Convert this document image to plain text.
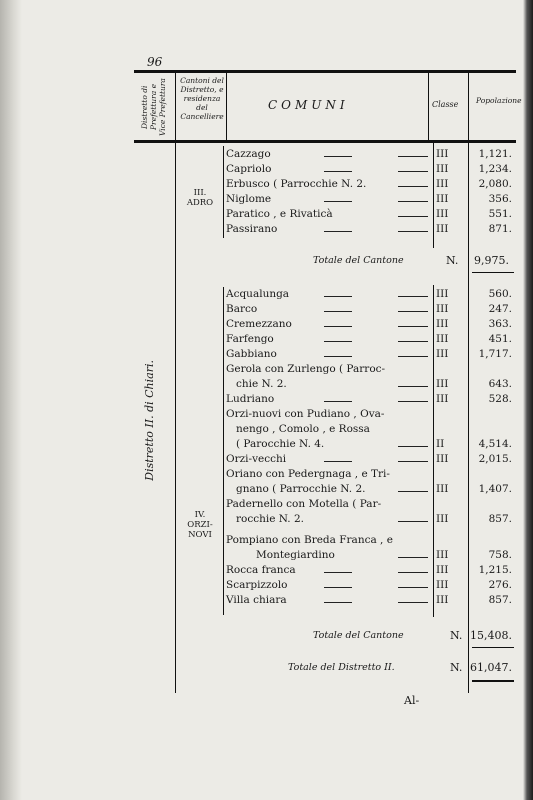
96
Distretto di Prefettura e Vice Prefettura	Cantoni del Distretto, e residenza del Cancelliere
COMUNI	Classe Popolazione
Distretto II. di Chiari.
III.
ADRO
IV.
ORZI-
NOVI
Cazzago	III	1,121.
Capriolo	III	1,234.
Erbusco ( Parrocchie N. 2.	III	2,080.
Niglome	III	356.
Paratico , e Rivaticà	III	551.
Passirano	III	871.
Acqualunga	III	560.
Barco	III	247.
Cremezzano	III	363.
Farfengo	III	451.
Gabbiano	III	1,717.
Gerola con Zurlengo ( Parroc-
chie N. 2.	III	643.
Ludriano	III	528.
Orzi-nuovi con Pudiano , Ova-
nengo , Comolo , e Rossa
( Parocchie N. 4.	II	4,514.
Orzi-vecchi	III	2,015.
Oriano con Pedergnaga , e Tri-
gnano ( Parrocchie N. 2.	III	1,407.
Padernello con Motella ( Par-
rocchie N. 2.	III	857.
Pompiano con Breda Franca , e
Montegiardino	III	758.
Rocca franca	III	1,215.
Scarpizzolo	III	276.
Villa chiara	III	857.
Totale del Cantone	N. 9,975.
Totale del Cantone	N. 15,408.
Totale del Distretto II.	N. 61,047.
Al-
